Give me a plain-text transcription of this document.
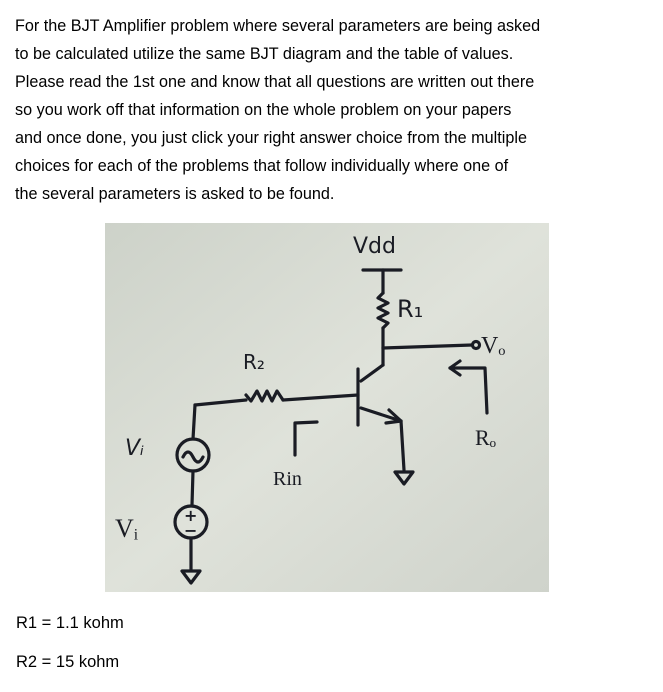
For the BJT Amplifier problem where several parameters are being asked
to be calculated utilize the same BJT diagram and the table of values.
Please read the 1st one and know that all questions are written out there
so you work off that information on the whole problem on your papers
and once done, you just click your right answer choice from the multiple
choices for each of the problems that follow individually where one of
the several parameters is asked to be found.

Vdd
R₁
Vₒ
R₂
Rₒ
Rin
Vᵢ
Vᵢ	+
−

R1 = 1.1 kohm

R2 = 15 kohm
